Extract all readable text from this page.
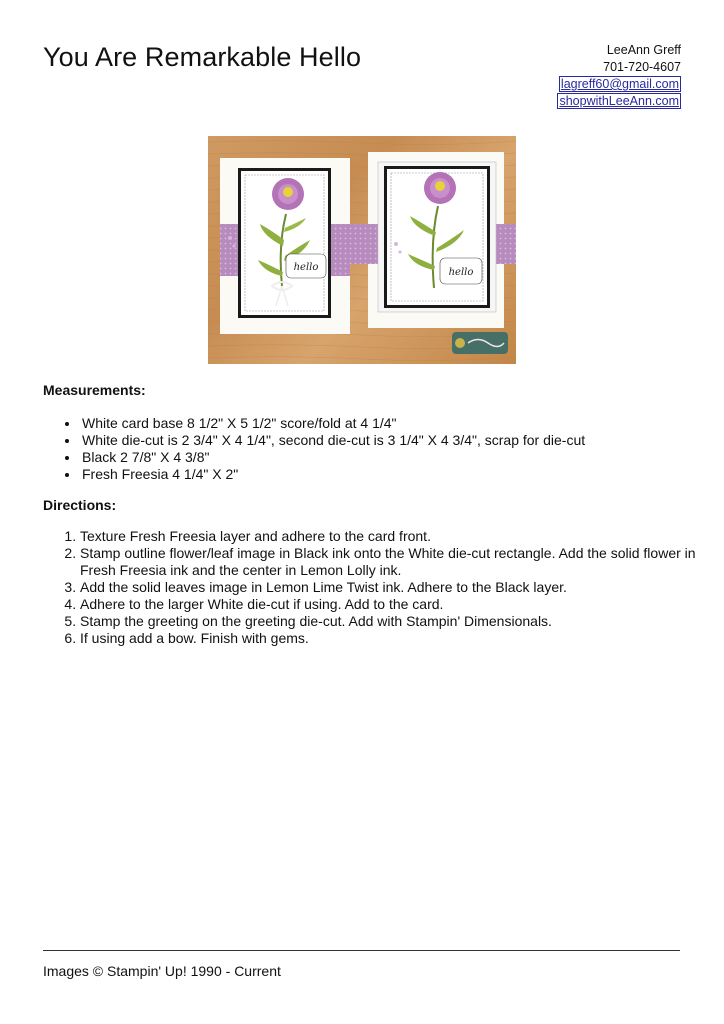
You Are Remarkable Hello	LeeAnn Greff
701-720-4607
lagreff60@gmail.com
shopwithLeeAnn.com
hello	hello
Measurements:
• White card base 8 1/2" X 5 1/2" score/fold at 4 1/4"
• White die-cut is 2 3/4" X 4 1/4", second die-cut is 3 1/4" X 4 3/4", scrap for die-cut
• Black 2 7/8" X 4 3/8"
• Fresh Freesia 4 1/4" X 2"
Directions:
1. Texture Fresh Freesia layer and adhere to the card front.
2. Stamp outline flower/leaf image in Black ink onto the White die-cut rectangle. Add the solid flower in Fresh Freesia ink and the center in Lemon Lolly ink.
3. Add the solid leaves image in Lemon Lime Twist ink. Adhere to the Black layer.
4. Adhere to the larger White die-cut if using. Add to the card.
5. Stamp the greeting on the greeting die-cut. Add with Stampin' Dimensionals.
6. If using add a bow. Finish with gems.
Images © Stampin' Up! 1990 - Current
